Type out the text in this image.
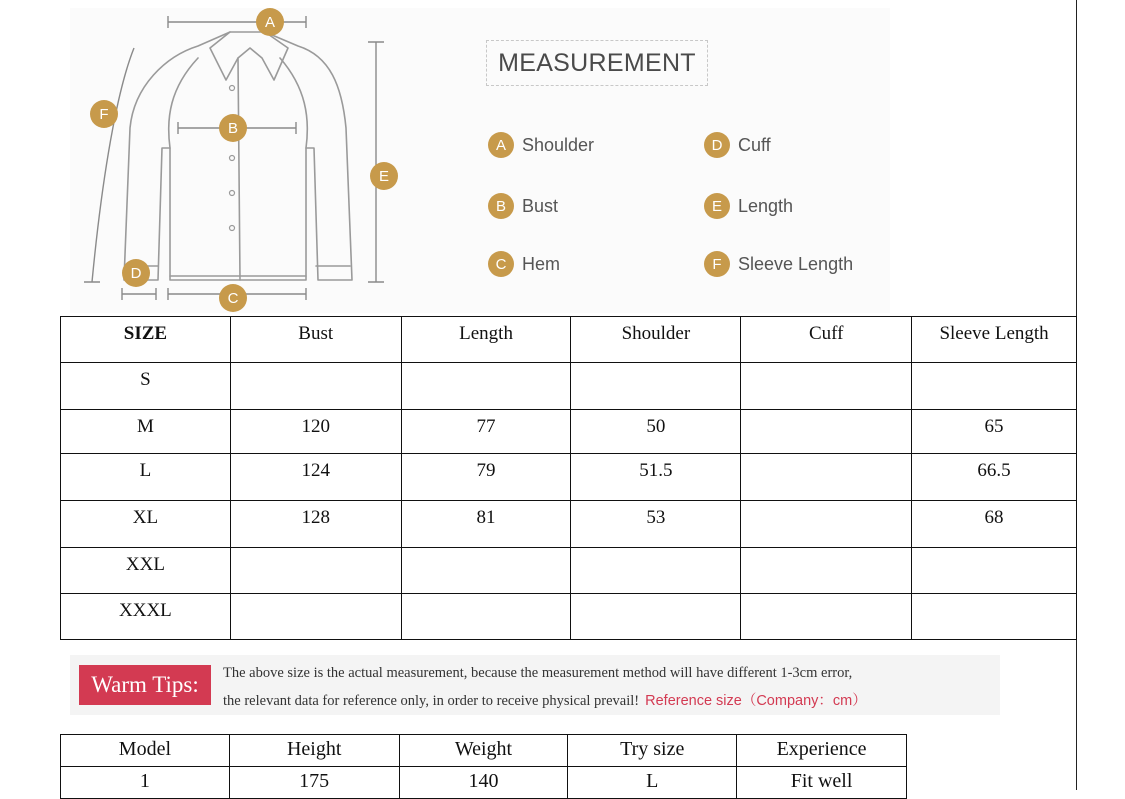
A
B
C
D
E
F
MEASUREMENT
A Shoulder
B Bust
C Hem
D Cuff
E Length
F Sleeve Length
SIZE	Bust	Length	Shoulder	Cuff	Sleeve Length
S					
M	120	77	50		65
L	124	79	51.5		66.5
XL	128	81	53		68
XXL					
XXXL					
Warm Tips:	The above size is the actual measurement, because the measurement method will have different 1-3cm error,
the relevant data for reference only, in order to receive physical prevail! Reference size（Company：cm）
Model	Height	Weight	Try size	Experience
1	175	140	L	Fit well
